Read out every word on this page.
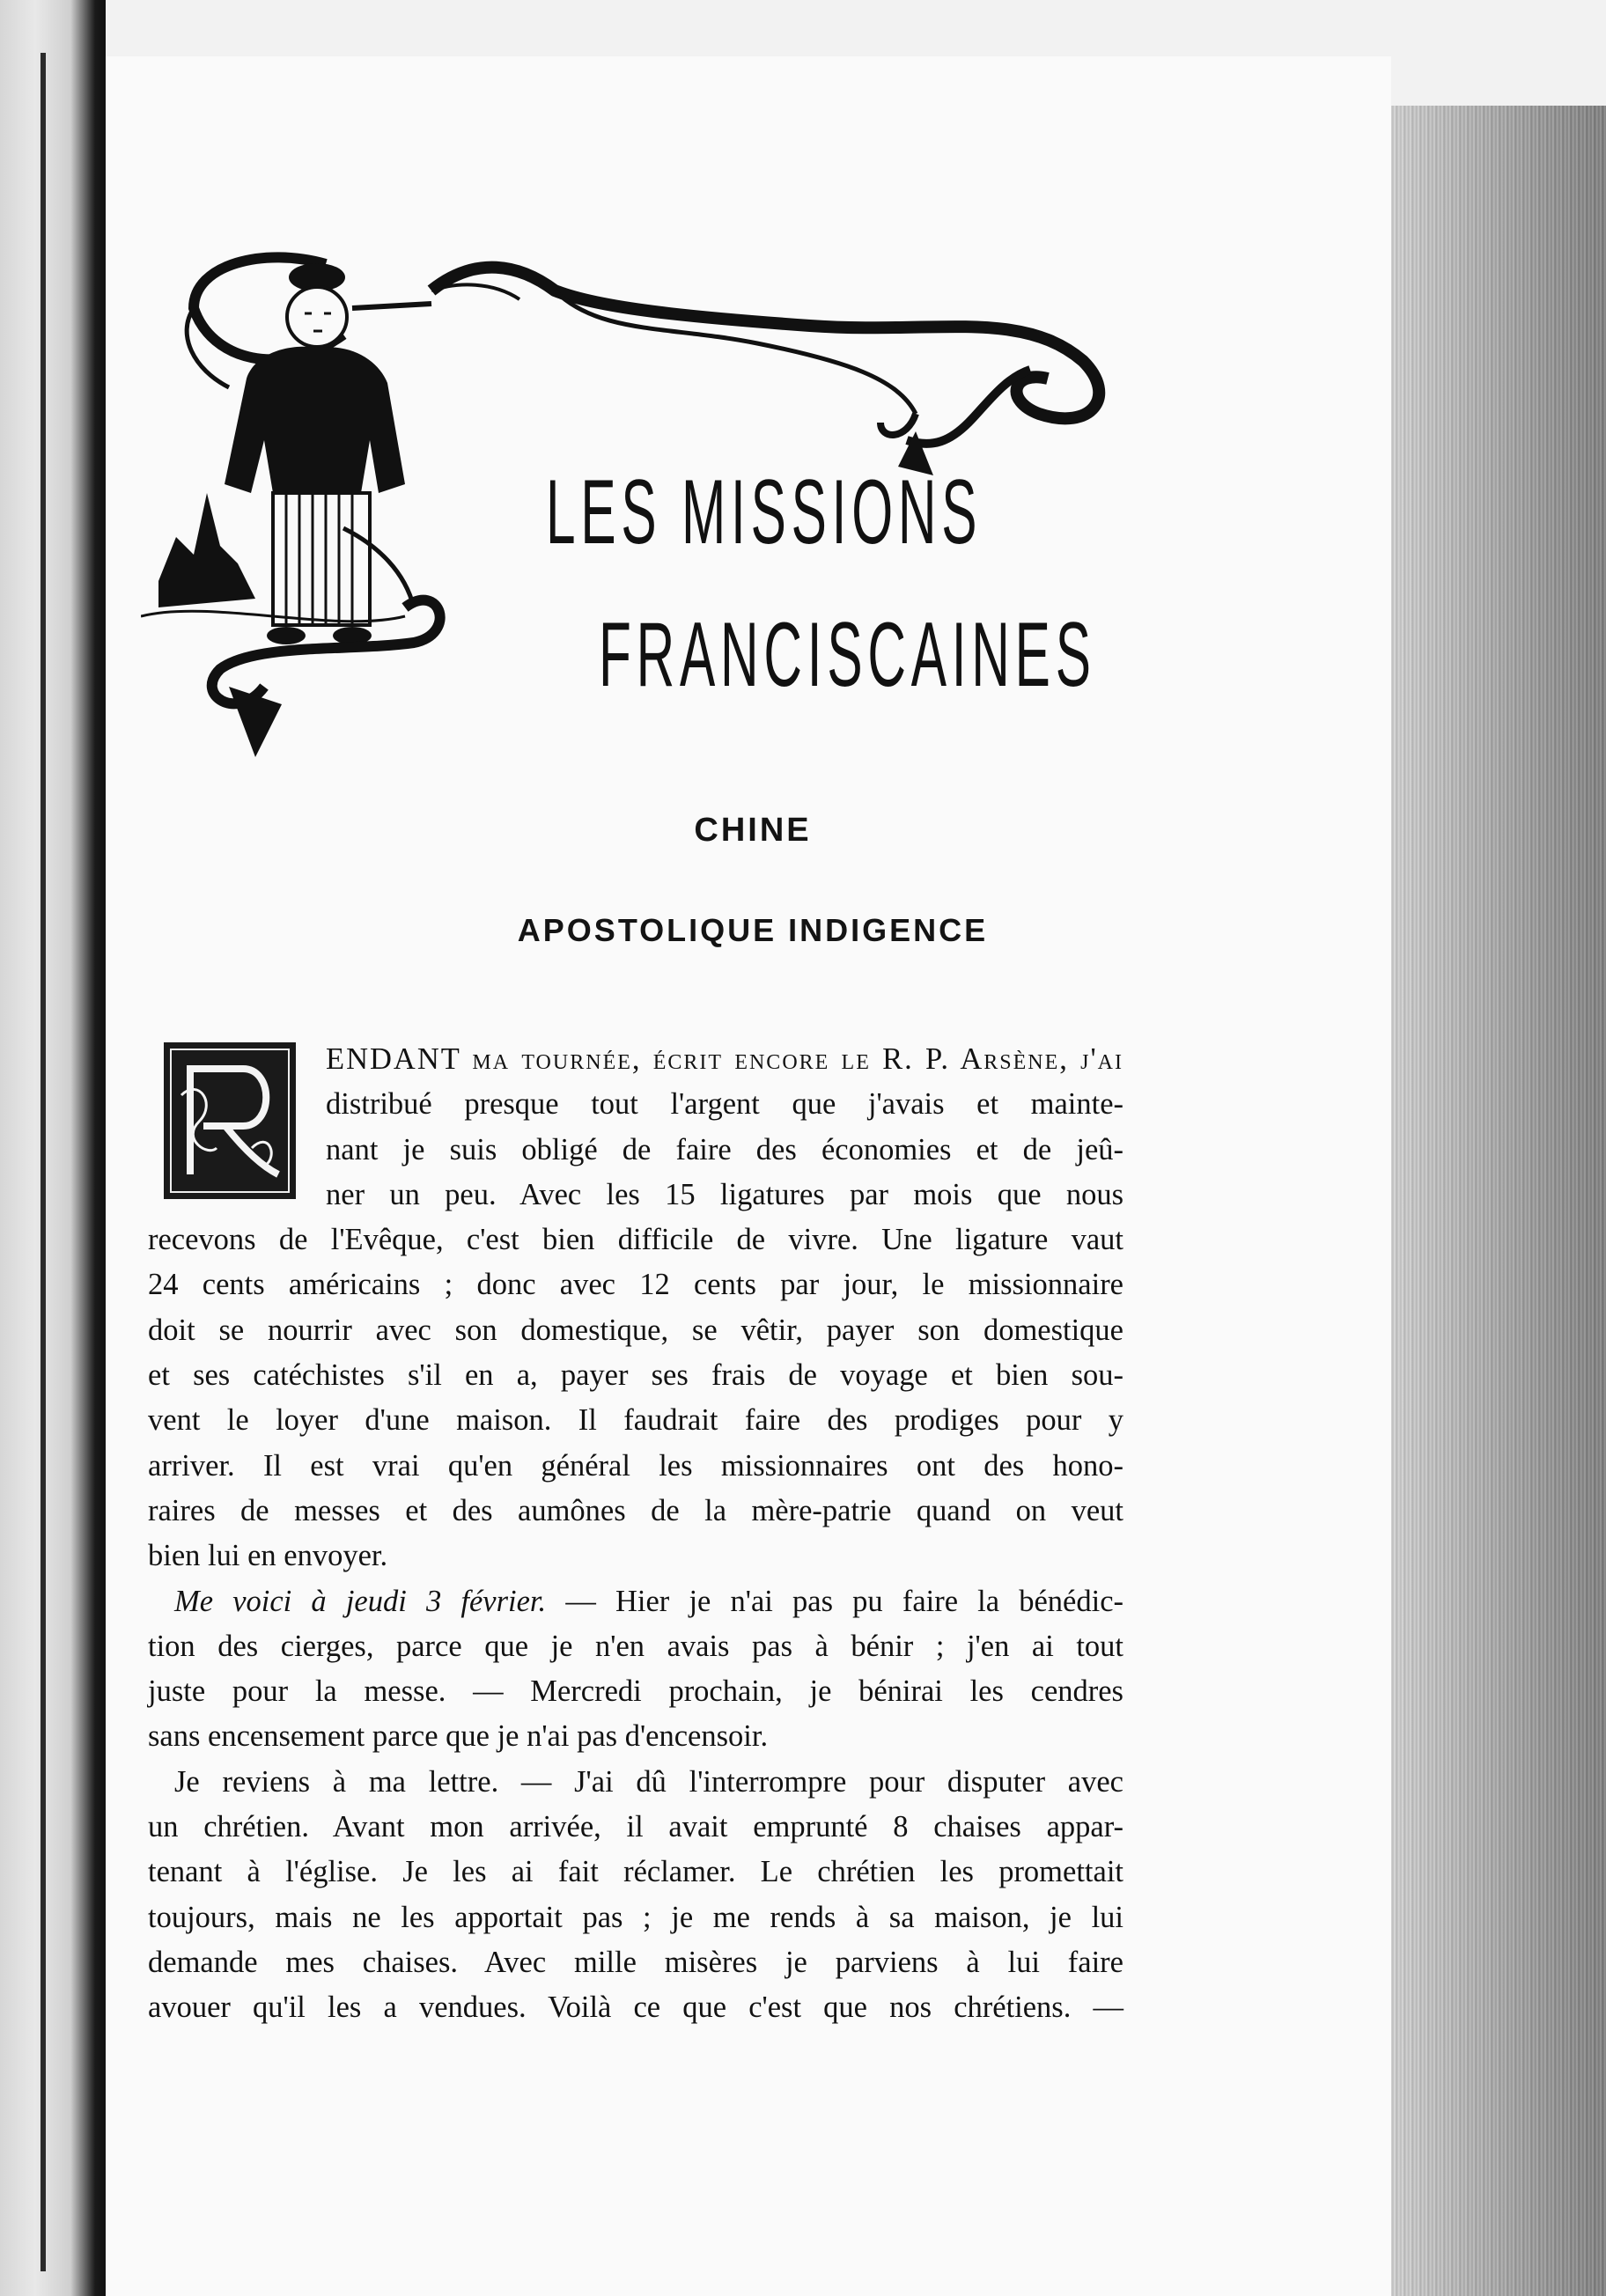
LES MISSIONS
FRANCISCAINES
CHINE
APOSTOLIQUE INDIGENCE
P
ENDANT ma tournée, écrit encore le R. P. Arsène, j'ai
distribué presque tout l'argent que j'avais et mainte-
nant je suis obligé de faire des économies et de jeû-
ner un peu. Avec les 15 ligatures par mois que nous
recevons de l'Evêque, c'est bien difficile de vivre. Une ligature vaut
24 cents américains ; donc avec 12 cents par jour, le missionnaire
doit se nourrir avec son domestique, se vêtir, payer son domestique
et ses catéchistes s'il en a, payer ses frais de voyage et bien sou-
vent le loyer d'une maison. Il faudrait faire des prodiges pour y
arriver. Il est vrai qu'en général les missionnaires ont des hono-
raires de messes et des aumônes de la mère-patrie quand on veut
bien lui en envoyer.
Me voici à jeudi 3 février. — Hier je n'ai pas pu faire la bénédic-
tion des cierges, parce que je n'en avais pas à bénir ; j'en ai tout
juste pour la messe. — Mercredi prochain, je bénirai les cendres
sans encensement parce que je n'ai pas d'encensoir.
Je reviens à ma lettre. — J'ai dû l'interrompre pour disputer avec
un chrétien. Avant mon arrivée, il avait emprunté 8 chaises appar-
tenant à l'église. Je les ai fait réclamer. Le chrétien les promettait
toujours, mais ne les apportait pas ; je me rends à sa maison, je lui
demande mes chaises. Avec mille misères je parviens à lui faire
avouer qu'il les a vendues. Voilà ce que c'est que nos chrétiens. —
